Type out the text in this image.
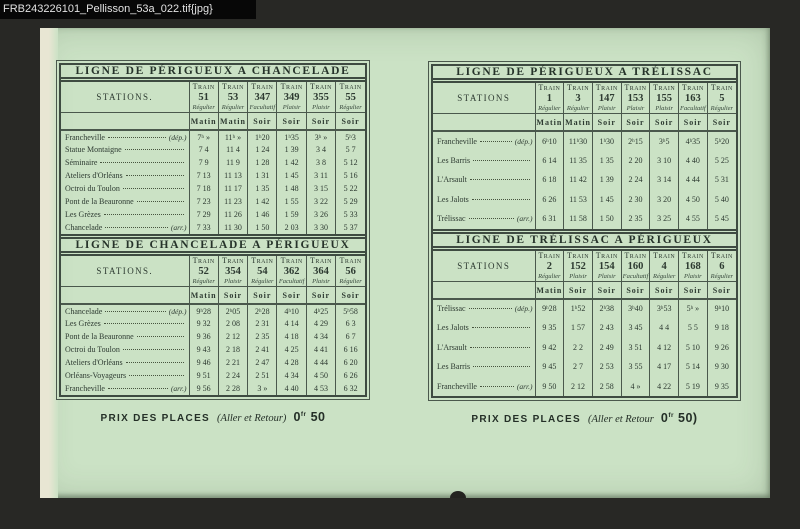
FRB243226101_Pellisson_53a_022.tif{jpg}
LIGNE DE PÉRIGUEUX A CHANCELADE						
STATIONS.	
Train
51
Régulier

Train
53
Régulier

Train
347
Facultatif

Train
349
Plaisir

Train
355
Plaisir

Train
55
Régulier

	Matin	Matin	Soir	Soir	Soir	Soir

Francheville (dép.)	7ʰ »	11ʰ »	1ʰ20	1ʰ35	3ʰ »	5ʰ3

Statue Montaigne	7 4	11 4	1 24	1 39	3 4	5 7

Séminaire	7 9	11 9	1 28	1 42	3 8	5 12

Ateliers d'Orléans	7 13	11 13	1 31	1 45	3 11	5 16

Octroi du Toulon	7 18	11 17	1 35	1 48	3 15	5 22

Pont de la Beauronne	7 23	11 23	1 42	1 55	3 22	5 29

Les Grèzes	7 29	11 26	1 46	1 59	3 26	5 33

Chancelade (arr.)	7 33	11 30	1 50	2 03	3 30	5 37
LIGNE DE CHANCELADE A PÉRIGUEUX						
STATIONS.	
Train
52
Régulier

Train
354
Plaisir

Train
54
Régulier

Train
362
Facultatif

Train
364
Plaisir

Train
56
Régulier

	Matin	Soir	Soir	Soir	Soir	Soir

Chancelade (dép.)	9ʰ28	2ʰ05	2ʰ28	4ʰ10	4ʰ25	5ʰ58

Les Grèzes	9 32	2 08	2 31	4 14	4 29	6 3

Pont de la Beauronne	9 36	2 12	2 35	4 18	4 34	6 7

Octroi du Toulon	9 43	2 18	2 41	4 25	4 41	6 16

Ateliers d'Orléans	9 46	2 21	2 47	4 28	4 44	6 20

Orléans-Voyageurs	9 51	2 24	2 51	4 34	4 50	6 26

Francheville (arr.)	9 56	2 28	3 »	4 40	4 53	6 32
PRIX DES PLACES (Aller et Retour) $0^{fr}$ 50
LIGNE DE PÉRIGUEUX A TRÉLISSAC							
STATIONS	
Train
1
Régulier

Train
3
Régulier

Train
147
Plaisir

Train
153
Plaisir

Train
155
Plaisir

Train
163
Facultatif

Train
5
Régulier

	Matin	Matin	Soir	Soir	Soir	Soir	Soir

Francheville (dép.)	6ʰ10	11ʰ30	1ʰ30	2ʰ15	3ʰ5	4ʰ35	5ʰ20

Les Barris	6 14	11 35	1 35	2 20	3 10	4 40	5 25

L'Arsault	6 18	11 42	1 39	2 24	3 14	4 44	5 31

Les Jalots	6 26	11 53	1 45	2 30	3 20	4 50	5 40

Trélissac (arr.)	6 31	11 58	1 50	2 35	3 25	4 55	5 45
LIGNE DE TRÉLISSAC A PÉRIGUEUX							
STATIONS	
Train
2
Régulier

Train
152
Plaisir

Train
154
Plaisir

Train
160
Facultatif

Train
4
Régulier

Train
168
Plaisir

Train
6
Régulier

	Matin	Soir	Soir	Soir	Soir	Soir	Soir

Trélissac (dép.)	9ʰ28	1ʰ52	2ʰ38	3ʰ40	3ʰ53	5ʰ »	9ʰ10

Les Jalots	9 35	1 57	2 43	3 45	4 4	5 5	9 18

L'Arsault	9 42	2 2	2 49	3 51	4 12	5 10	9 26

Les Barris	9 45	2 7	2 53	3 55	4 17	5 14	9 30

Francheville (arr.)	9 50	2 12	2 58	4 »	4 22	5 19	9 35
PRIX DES PLACES (Aller et Retour $0^{fr}$ 50)
